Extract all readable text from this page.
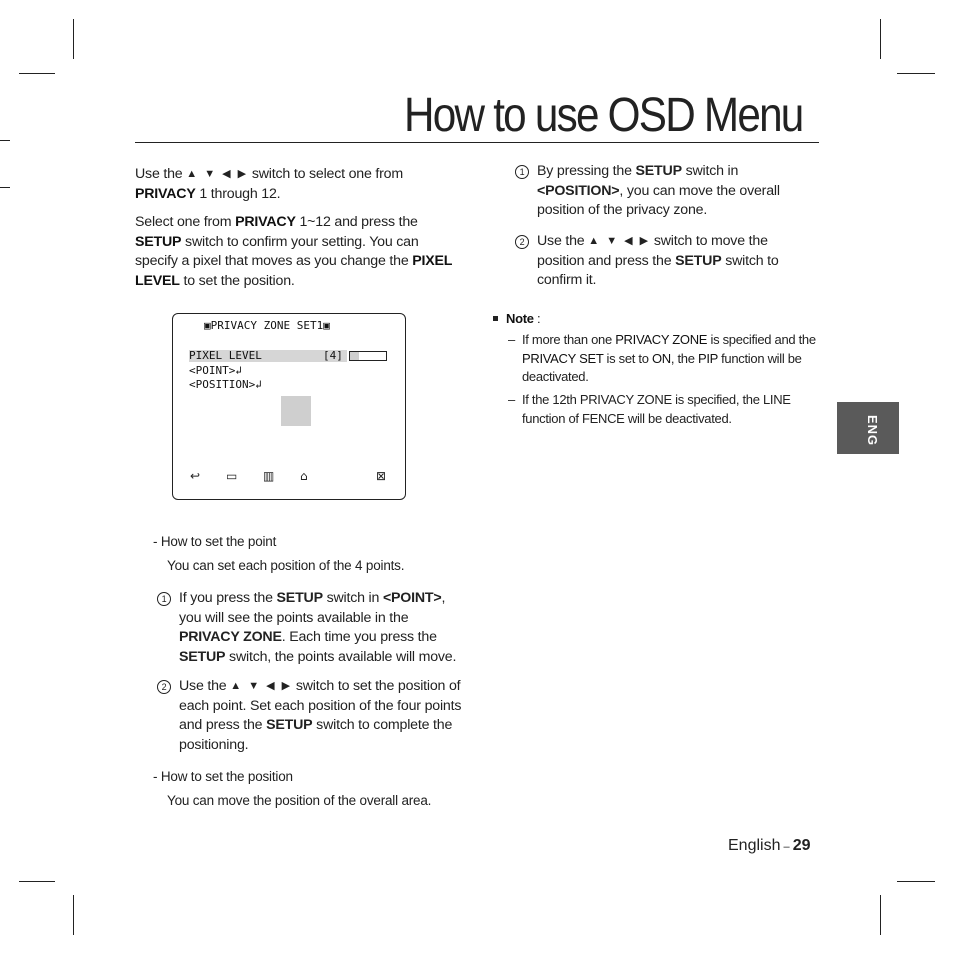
How to use OSD Menu
Use the ▲ ▼ ◀ ▶ switch to select one from PRIVACY 1 through 12.
Select one from PRIVACY 1~12 and press the SETUP switch to confirm your setting. You can specify a pixel that moves as you change the PIXEL LEVEL to set the position.
▣PRIVACY ZONE SET1▣
PIXEL LEVEL	[4]
<POINT>↲
<POSITION>↲
↩ ▭ ▥ ⌂	⊠
- How to set the point
You can set each position of the 4 points.
1 If you press the SETUP switch in <POINT>, you will see the points available in the PRIVACY ZONE. Each time you press the SETUP switch, the points available will move.
2 Use the ▲ ▼ ◀ ▶ switch to set the position of each point. Set each position of the four points and press the SETUP switch to complete the positioning.
- How to set the position
You can move the position of the overall area.
1 By pressing the SETUP switch in <POSITION>, you can move the overall position of the privacy zone.
2 Use the ▲ ▼ ◀ ▶ switch to move the position and press the SETUP switch to confirm it.
Note :
– If more than one PRIVACY ZONE is specified and the PRIVACY SET is set to ON, the PIP function will be deactivated.
– If the 12th PRIVACY ZONE is specified, the LINE function of FENCE will be deactivated.	ENG
English – 29
